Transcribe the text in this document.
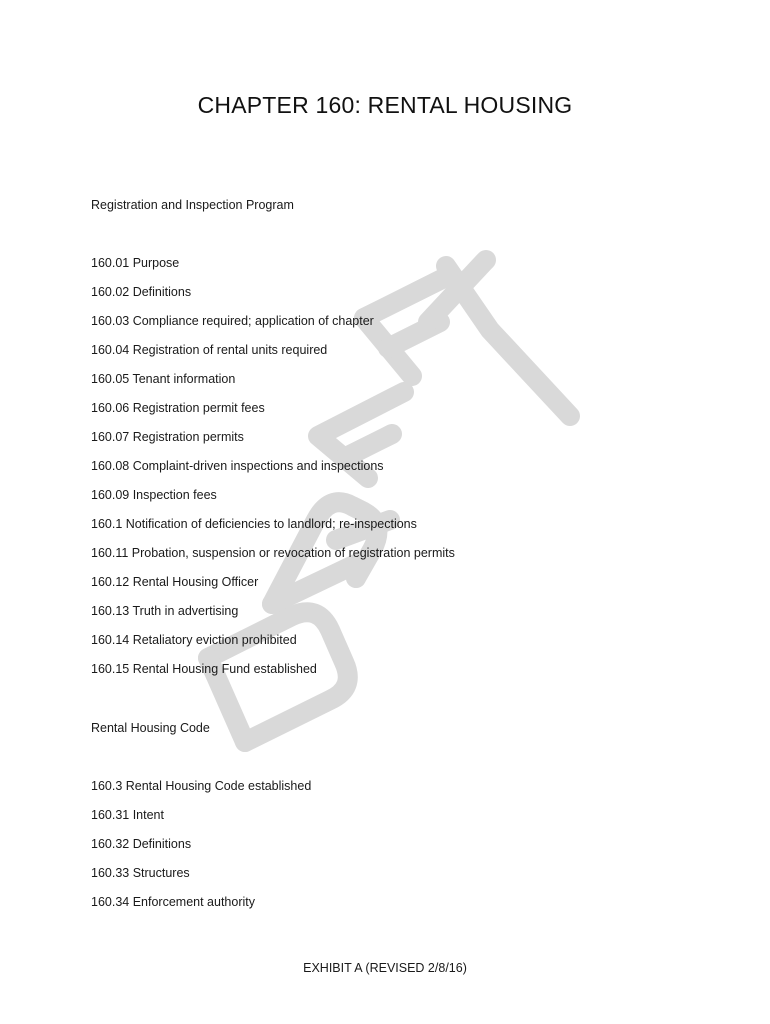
CHAPTER 160: RENTAL HOUSING
Registration and Inspection Program
160.01 Purpose
160.02 Definitions
160.03 Compliance required; application of chapter
160.04 Registration of rental units required
160.05 Tenant information
160.06 Registration permit fees
160.07 Registration permits
160.08 Complaint-driven inspections and inspections
160.09 Inspection fees
160.1 Notification of deficiencies to landlord; re-inspections
160.11 Probation, suspension or revocation of registration permits
160.12 Rental Housing Officer
160.13 Truth in advertising
160.14 Retaliatory eviction prohibited
160.15 Rental Housing Fund established
Rental Housing Code
160.3 Rental Housing Code established
160.31 Intent
160.32 Definitions
160.33 Structures
160.34 Enforcement authority
EXHIBIT A (REVISED 2/8/16)
